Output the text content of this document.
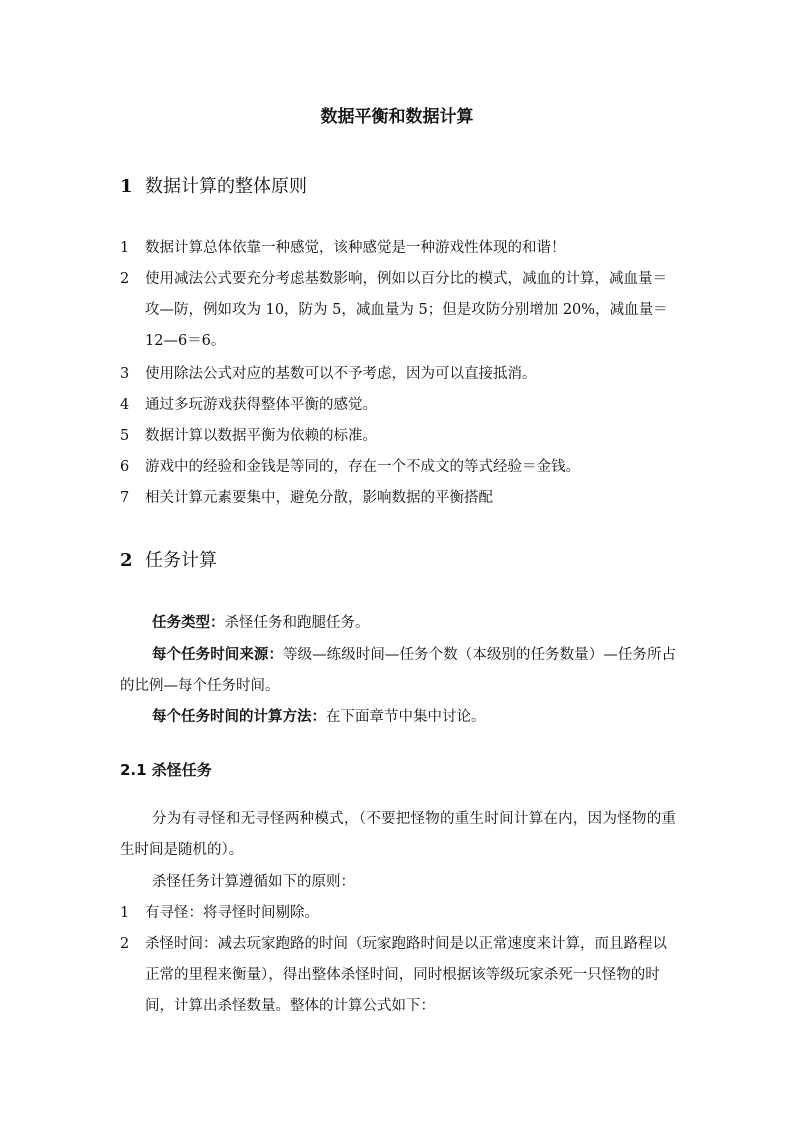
数据平衡和数据计算
1 数据计算的整体原则
1	数据计算总体依靠一种感觉，该种感觉是一种游戏性体现的和谐！
2	使用减法公式要充分考虑基数影响，例如以百分比的模式，减血的计算，减血量＝攻—防，例如攻为 10，防为 5，减血量为 5；但是攻防分别增加 20%，减血量＝12—6＝6。
3	使用除法公式对应的基数可以不予考虑，因为可以直接抵消。
4	通过多玩游戏获得整体平衡的感觉。
5	数据计算以数据平衡为依赖的标准。
6	游戏中的经验和金钱是等同的，存在一个不成文的等式经验＝金钱。
7	相关计算元素要集中，避免分散，影响数据的平衡搭配
2 任务计算

任务类型：杀怪任务和跑腿任务。

每个任务时间来源：等级—练级时间—任务个数（本级别的任务数量）—任务所占的比例—每个任务时间。

每个任务时间的计算方法：在下面章节中集中讨论。

2.1 杀怪任务

分为有寻怪和无寻怪两种模式，（不要把怪物的重生时间计算在内，因为怪物的重生时间是随机的）。

杀怪任务计算遵循如下的原则：

1	有寻怪：将寻怪时间剔除。
2	杀怪时间：减去玩家跑路的时间（玩家跑路时间是以正常速度来计算，而且路程以正常的里程来衡量），得出整体杀怪时间，同时根据该等级玩家杀死一只怪物的时间，计算出杀怪数量。整体的计算公式如下：
